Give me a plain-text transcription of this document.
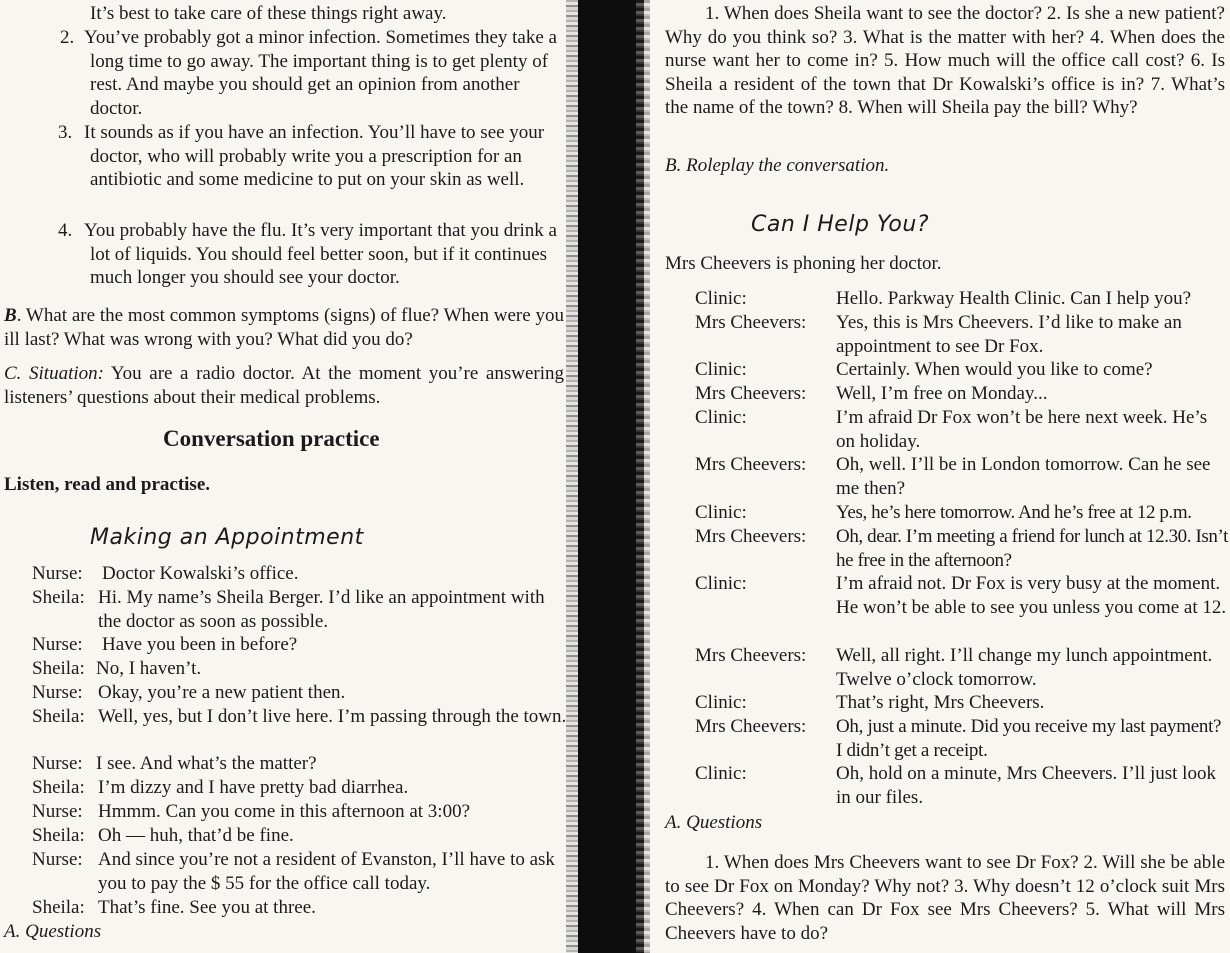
It’s best to take care of these things right away.
2. You’ve probably got a minor infection. Sometimes they take a long time to go away. The important thing is to get plenty of rest. And maybe you should get an opinion from another doctor.
3. It sounds as if you have an infection. You’ll have to see your doctor, who will probably write you a prescription for an antibiotic and some medicine to put on your skin as well.
4. You probably have the flu. It’s very important that you drink a lot of liquids. You should feel better soon, but if it continues much longer you should see your doctor.
B. What are the most common symptoms (signs) of flue? When were you ill last? What was wrong with you? What did you do?
C. Situation: You are a radio doctor. At the moment you’re answering listeners’ questions about their medical problems.
Conversation practice
Listen, read and practise.
Making an Appointment
Nurse:	Doctor Kowalski’s office.
Sheila: Hi. My name’s Sheila Berger. I’d like an appointment with the doctor as soon as possible.
Nurse:	Have you been in before?
Sheila: No, I haven’t.
Nurse: Okay, you’re a new patient then.
Sheila: Well, yes, but I don’t live here. I’m passing through the town.
Nurse: I see. And what’s the matter?
Sheila: I’m dizzy and I have pretty bad diarrhea.
Nurse: Hmmm. Can you come in this afternoon at 3:00?
Sheila: Oh — huh, that’d be fine.
Nurse: And since you’re not a resident of Evanston, I’ll have to ask you to pay the $ 55 for the office call today.
Sheila: That’s fine. See you at three.
A. Questions
1. When does Sheila want to see the doctor? 2. Is she a new patient? Why do you think so? 3. What is the matter with her? 4. When does the nurse want her to come in? 5. How much will the office call cost? 6. Is Sheila a resident of the town that Dr Kowalski’s office is in? 7. What’s the name of the town? 8. When will Sheila pay the bill? Why?
B. Roleplay the conversation.
Can I Help You?
Mrs Cheevers is phoning her doctor.
Clinic:	Hello. Parkway Health Clinic. Can I help you?
Mrs Cheevers:	Yes, this is Mrs Cheevers. I’d like to make an appointment to see Dr Fox.
Clinic:	Certainly. When would you like to come?
Mrs Cheevers:	Well, I’m free on Monday...
Clinic:	I’m afraid Dr Fox won’t be here next week. He’s on holiday.
Mrs Cheevers:	Oh, well. I’ll be in London tomorrow. Can he see me then?
Clinic:	Yes, he’s here tomorrow. And he’s free at 12 p.m.
Mrs Cheevers:	Oh, dear. I’m meeting a friend for lunch at 12.30. Isn’t he free in the afternoon?
Clinic:	I’m afraid not. Dr Fox is very busy at the moment. He won’t be able to see you unless you come at 12.
Mrs Cheevers:	Well, all right. I’ll change my lunch appointment. Twelve o’clock tomorrow.
Clinic:	That’s right, Mrs Cheevers.
Mrs Cheevers:	Oh, just a minute. Did you receive my last payment? I didn’t get a receipt.
Clinic:	Oh, hold on a minute, Mrs Cheevers. I’ll just look in our files.
A. Questions
1. When does Mrs Cheevers want to see Dr Fox? 2. Will she be able to see Dr Fox on Monday? Why not? 3. Why doesn’t 12 o’clock suit Mrs Cheevers? 4. When can Dr Fox see Mrs Cheevers? 5. What will Mrs Cheevers have to do?
